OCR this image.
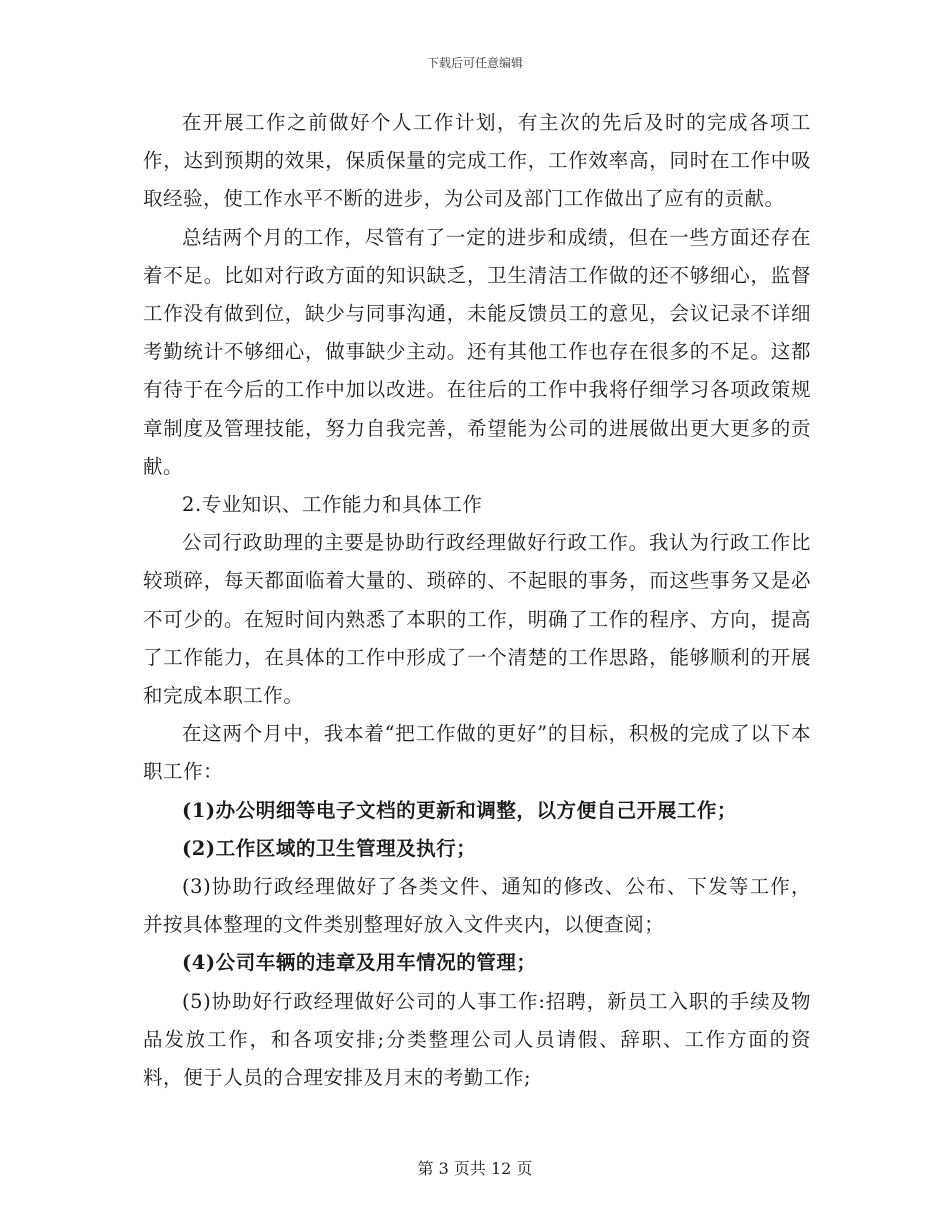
下载后可任意编辑

在开展工作之前做好个人工作计划，有主次的先后及时的完成各项工作，达到预期的效果，保质保量的完成工作，工作效率高，同时在工作中吸取经验，使工作水平不断的进步，为公司及部门工作做出了应有的贡献。

总结两个月的工作，尽管有了一定的进步和成绩，但在一些方面还存在着不足。比如对行政方面的知识缺乏，卫生清洁工作做的还不够细心，监督工作没有做到位，缺少与同事沟通，未能反馈员工的意见，会议记录不详细考勤统计不够细心，做事缺少主动。还有其他工作也存在很多的不足。这都有待于在今后的工作中加以改进。在往后的工作中我将仔细学习各项政策规章制度及管理技能，努力自我完善，希望能为公司的进展做出更大更多的贡献。

2.专业知识、工作能力和具体工作

公司行政助理的主要是协助行政经理做好行政工作。我认为行政工作比较琐碎，每天都面临着大量的、琐碎的、不起眼的事务，而这些事务又是必不可少的。在短时间内熟悉了本职的工作，明确了工作的程序、方向，提高了工作能力，在具体的工作中形成了一个清楚的工作思路，能够顺利的开展和完成本职工作。

在这两个月中，我本着“把工作做的更好”的目标，积极的完成了以下本职工作：

(1)办公明细等电子文档的更新和调整，以方便自己开展工作；

(2)工作区域的卫生管理及执行；

(3)协助行政经理做好了各类文件、通知的修改、公布、下发等工作，并按具体整理的文件类别整理好放入文件夹内，以便查阅；

(4)公司车辆的违章及用车情况的管理；

(5)协助好行政经理做好公司的人事工作:招聘，新员工入职的手续及物品发放工作，和各项安排;分类整理公司人员请假、辞职、工作方面的资料，便于人员的合理安排及月末的考勤工作;

第 3 页共 12 页
